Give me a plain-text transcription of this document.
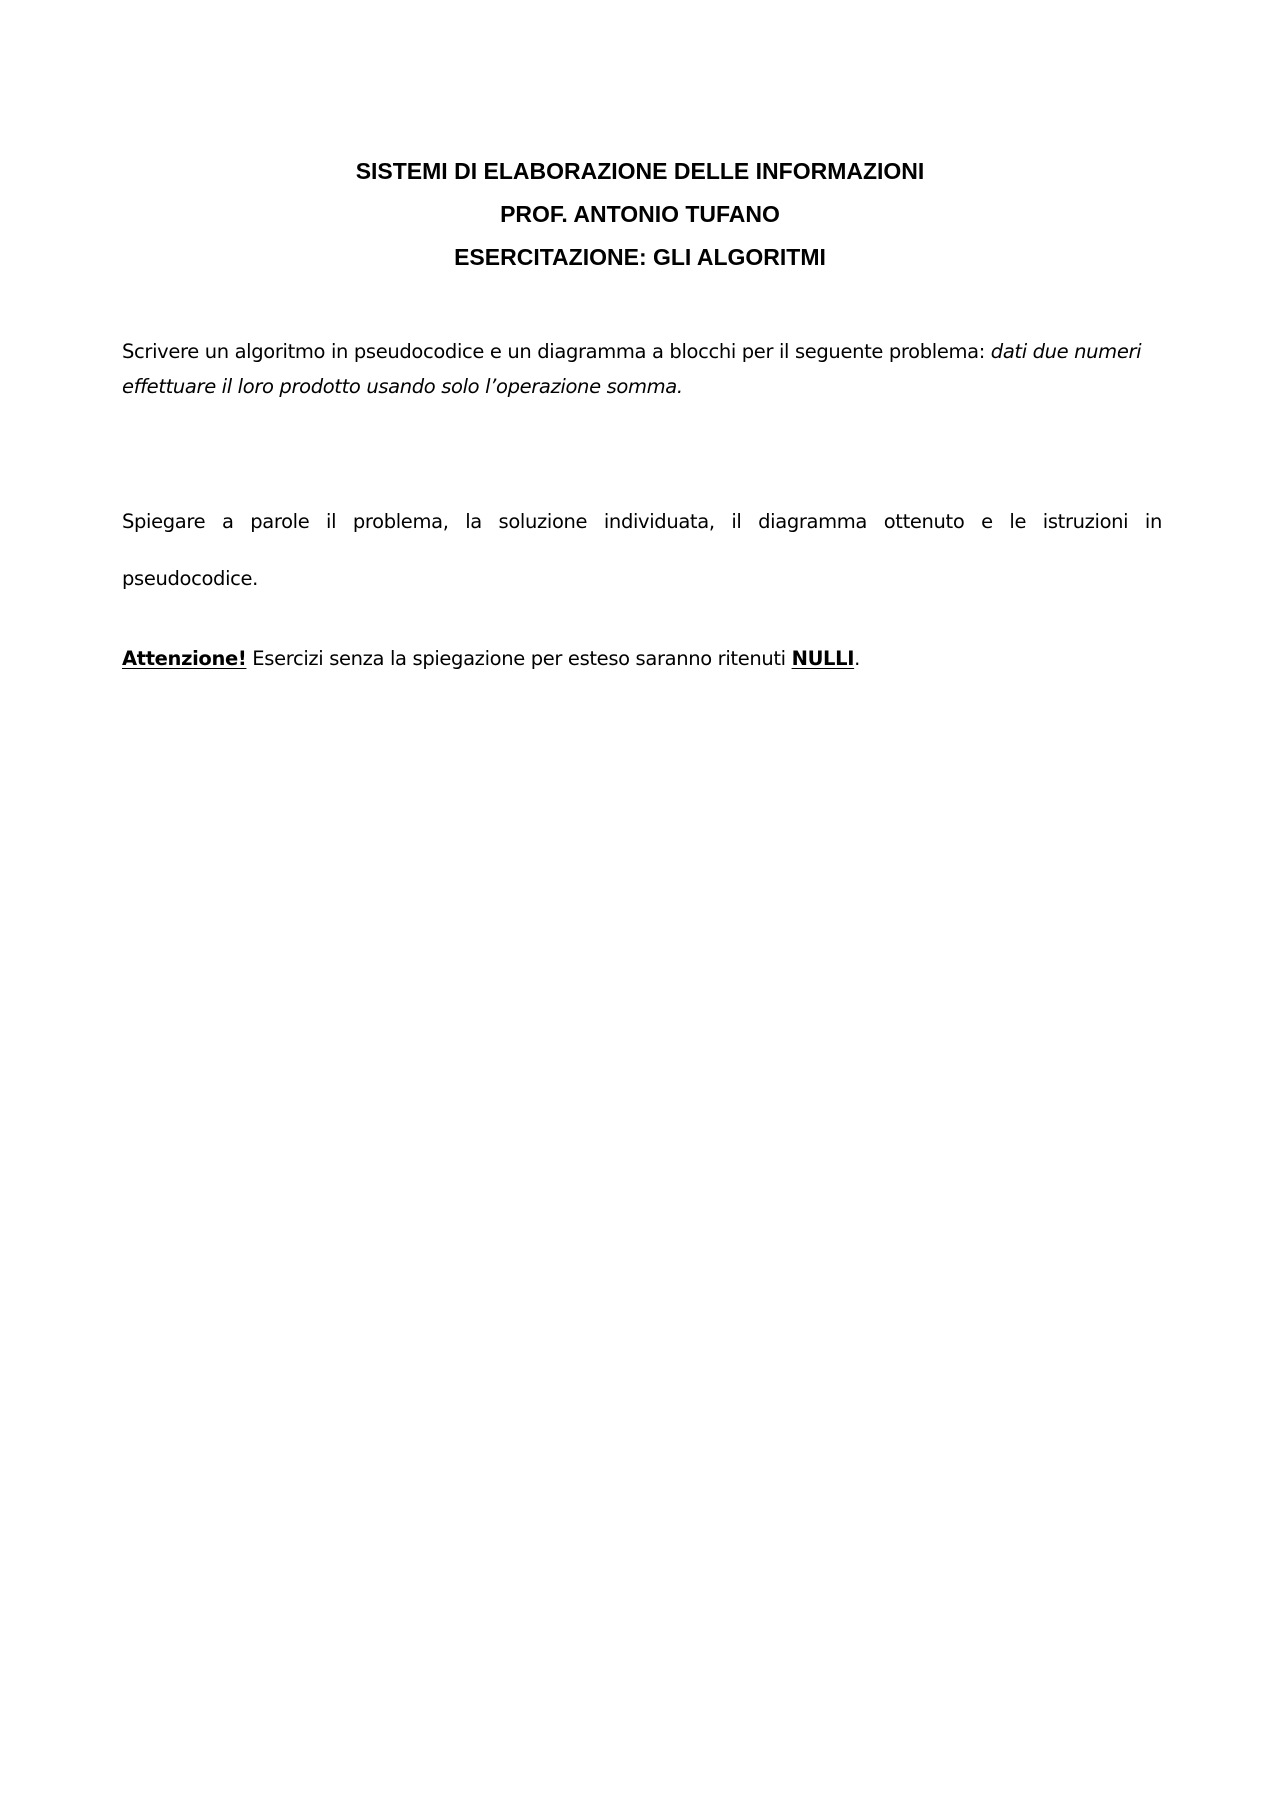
SISTEMI DI ELABORAZIONE DELLE INFORMAZIONI
PROF. ANTONIO TUFANO
ESERCITAZIONE: GLI ALGORITMI
Scrivere un algoritmo in pseudocodice e un diagramma a blocchi per il seguente problema: dati due numeri effettuare il loro prodotto usando solo l’operazione somma.
Spiegare a parole il problema, la soluzione individuata, il diagramma ottenuto e le istruzioni in
pseudocodice.
Attenzione! Esercizi senza la spiegazione per esteso saranno ritenuti NULLI.
